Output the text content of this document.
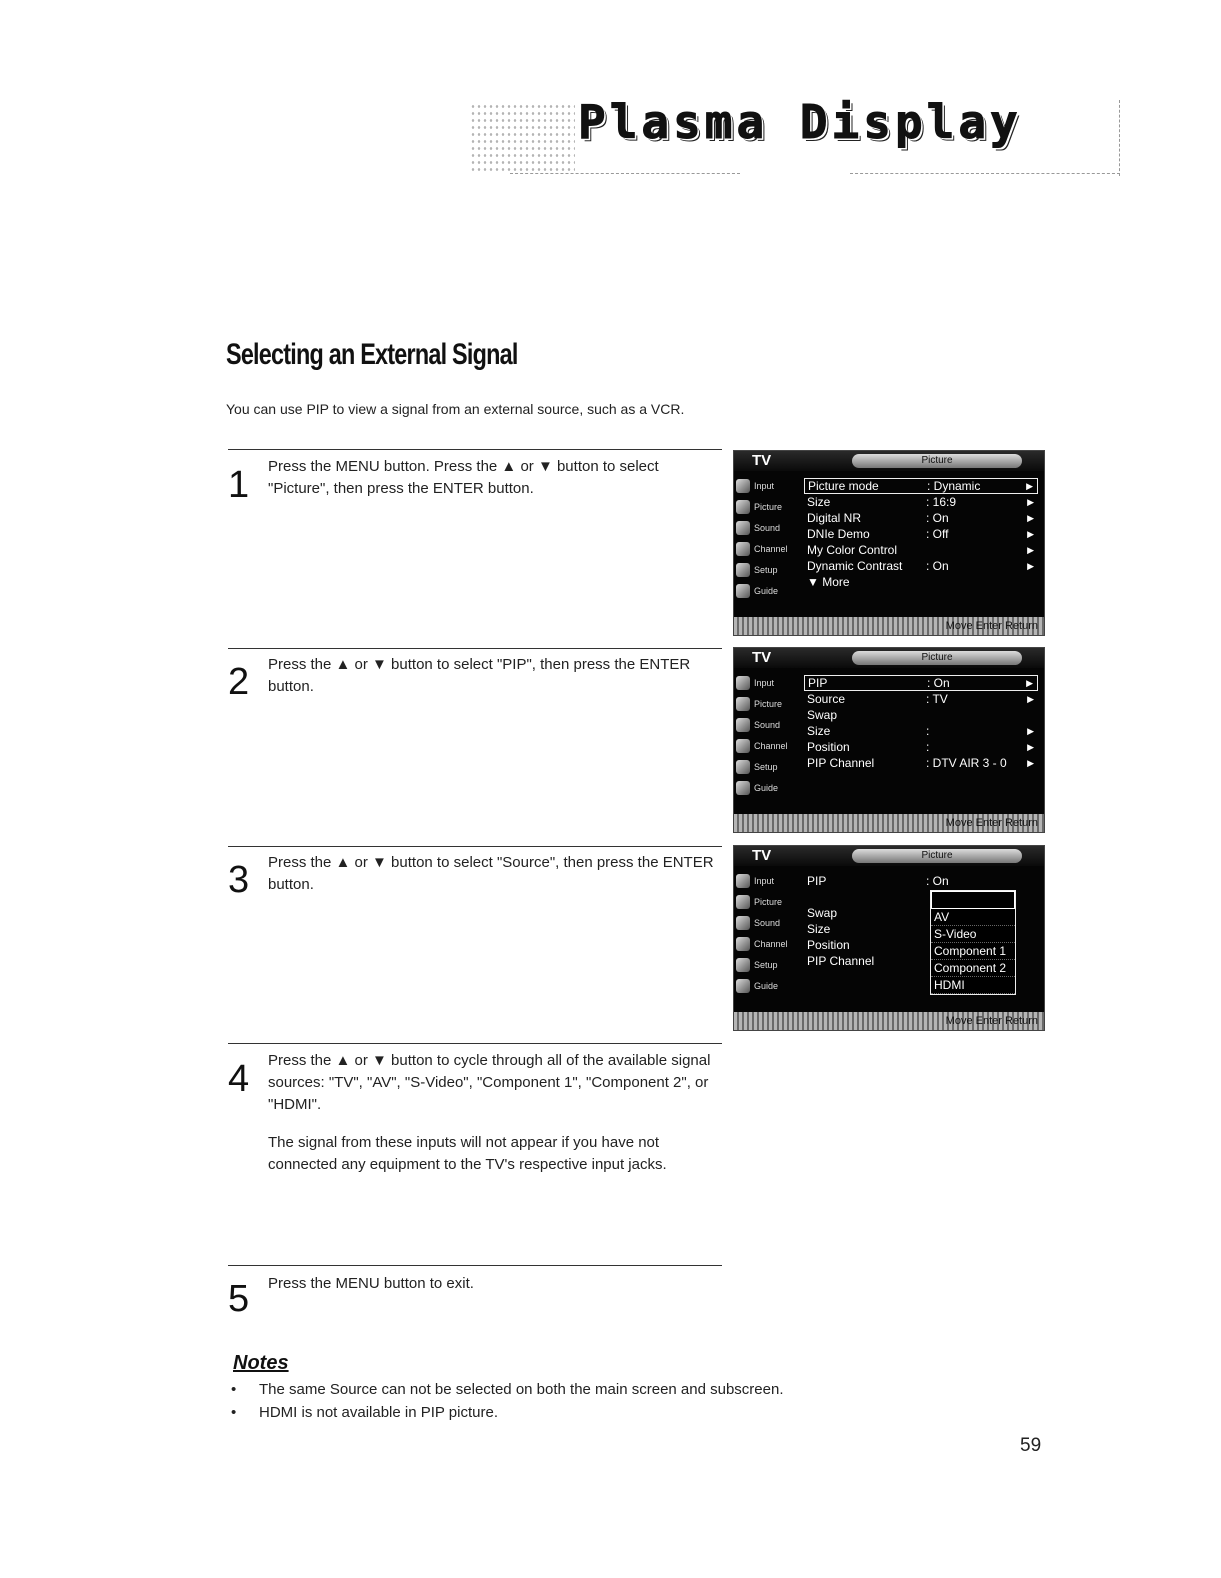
Plasma Display
Selecting an External Signal
You can use PIP to view a signal from an external source, such as a VCR.
1 Press the MENU button. Press the ▲ or ▼ button to select "Picture", then press the ENTER button.

2 Press the ▲ or ▼ button to select "PIP", then press the ENTER button.

3 Press the ▲ or ▼ button to select "Source", then press the ENTER button.

4 Press the ▲ or ▼ button to cycle through all of the available signal sources: "TV", "AV", "S-Video", "Component 1", "Component 2", or "HDMI".

The signal from these inputs will not appear if you have not connected any equipment to the TV's respective input jacks.

5 Press the MENU button to exit.

TV	Picture
Input
Picture
Sound
Channel
Setup
Guide
Picture mode	: Dynamic	▶
Size	: 16:9	▶
Digital NR	: On	▶
DNIe Demo	: Off	▶
My Color Control	▶
Dynamic Contrast : On	▶
▼ More
Move Enter Return
TV	Picture
Input
Picture
Sound
Channel
Setup
Guide
PIP	: On	▶
Source	: TV	▶
Swap
Size	:	▶
Position	:	▶
PIP Channel	: DTV AIR 3 - 0 ▶
Move Enter Return
TV	Picture
Input
Picture
Sound
Channel
Setup
Guide
PIP	: On
Swap
Size
Position
PIP Channel
AV
S-Video
Component 1
Component 2
HDMI
Move Enter Return
Notes
• The same Source can not be selected on both the main screen and subscreen.
• HDMI is not available in PIP picture.
59
